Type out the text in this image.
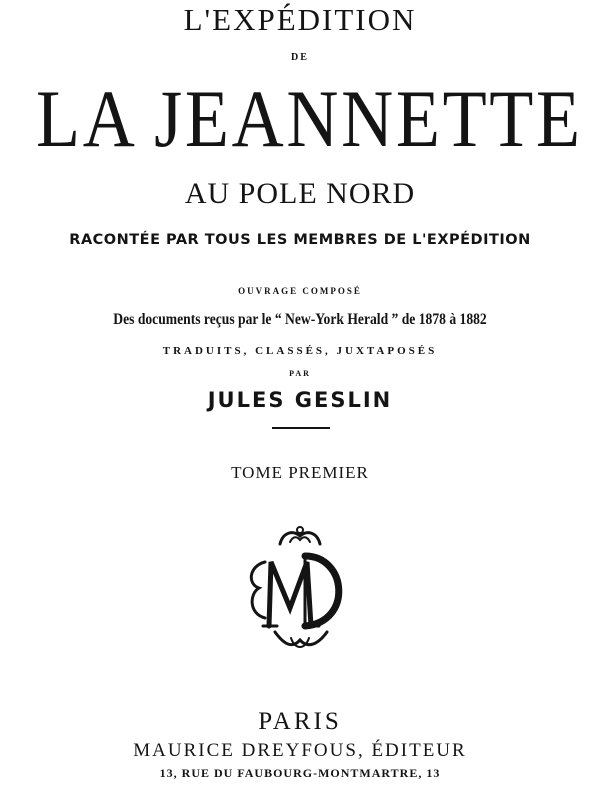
L'EXPÉDITION
DE
LA JEANNETTE
AU POLE NORD
RACONTÉE PAR TOUS LES MEMBRES DE L'EXPÉDITION
OUVRAGE COMPOSÉ
Des documents reçus par le “ New-York Herald ” de 1878 à 1882
TRADUITS, CLASSÉS, JUXTAPOSÉS
PAR
JULES GESLIN
TOME PREMIER
PARIS
MAURICE DREYFOUS, ÉDITEUR
13, RUE DU FAUBOURG-MONTMARTRE, 13
